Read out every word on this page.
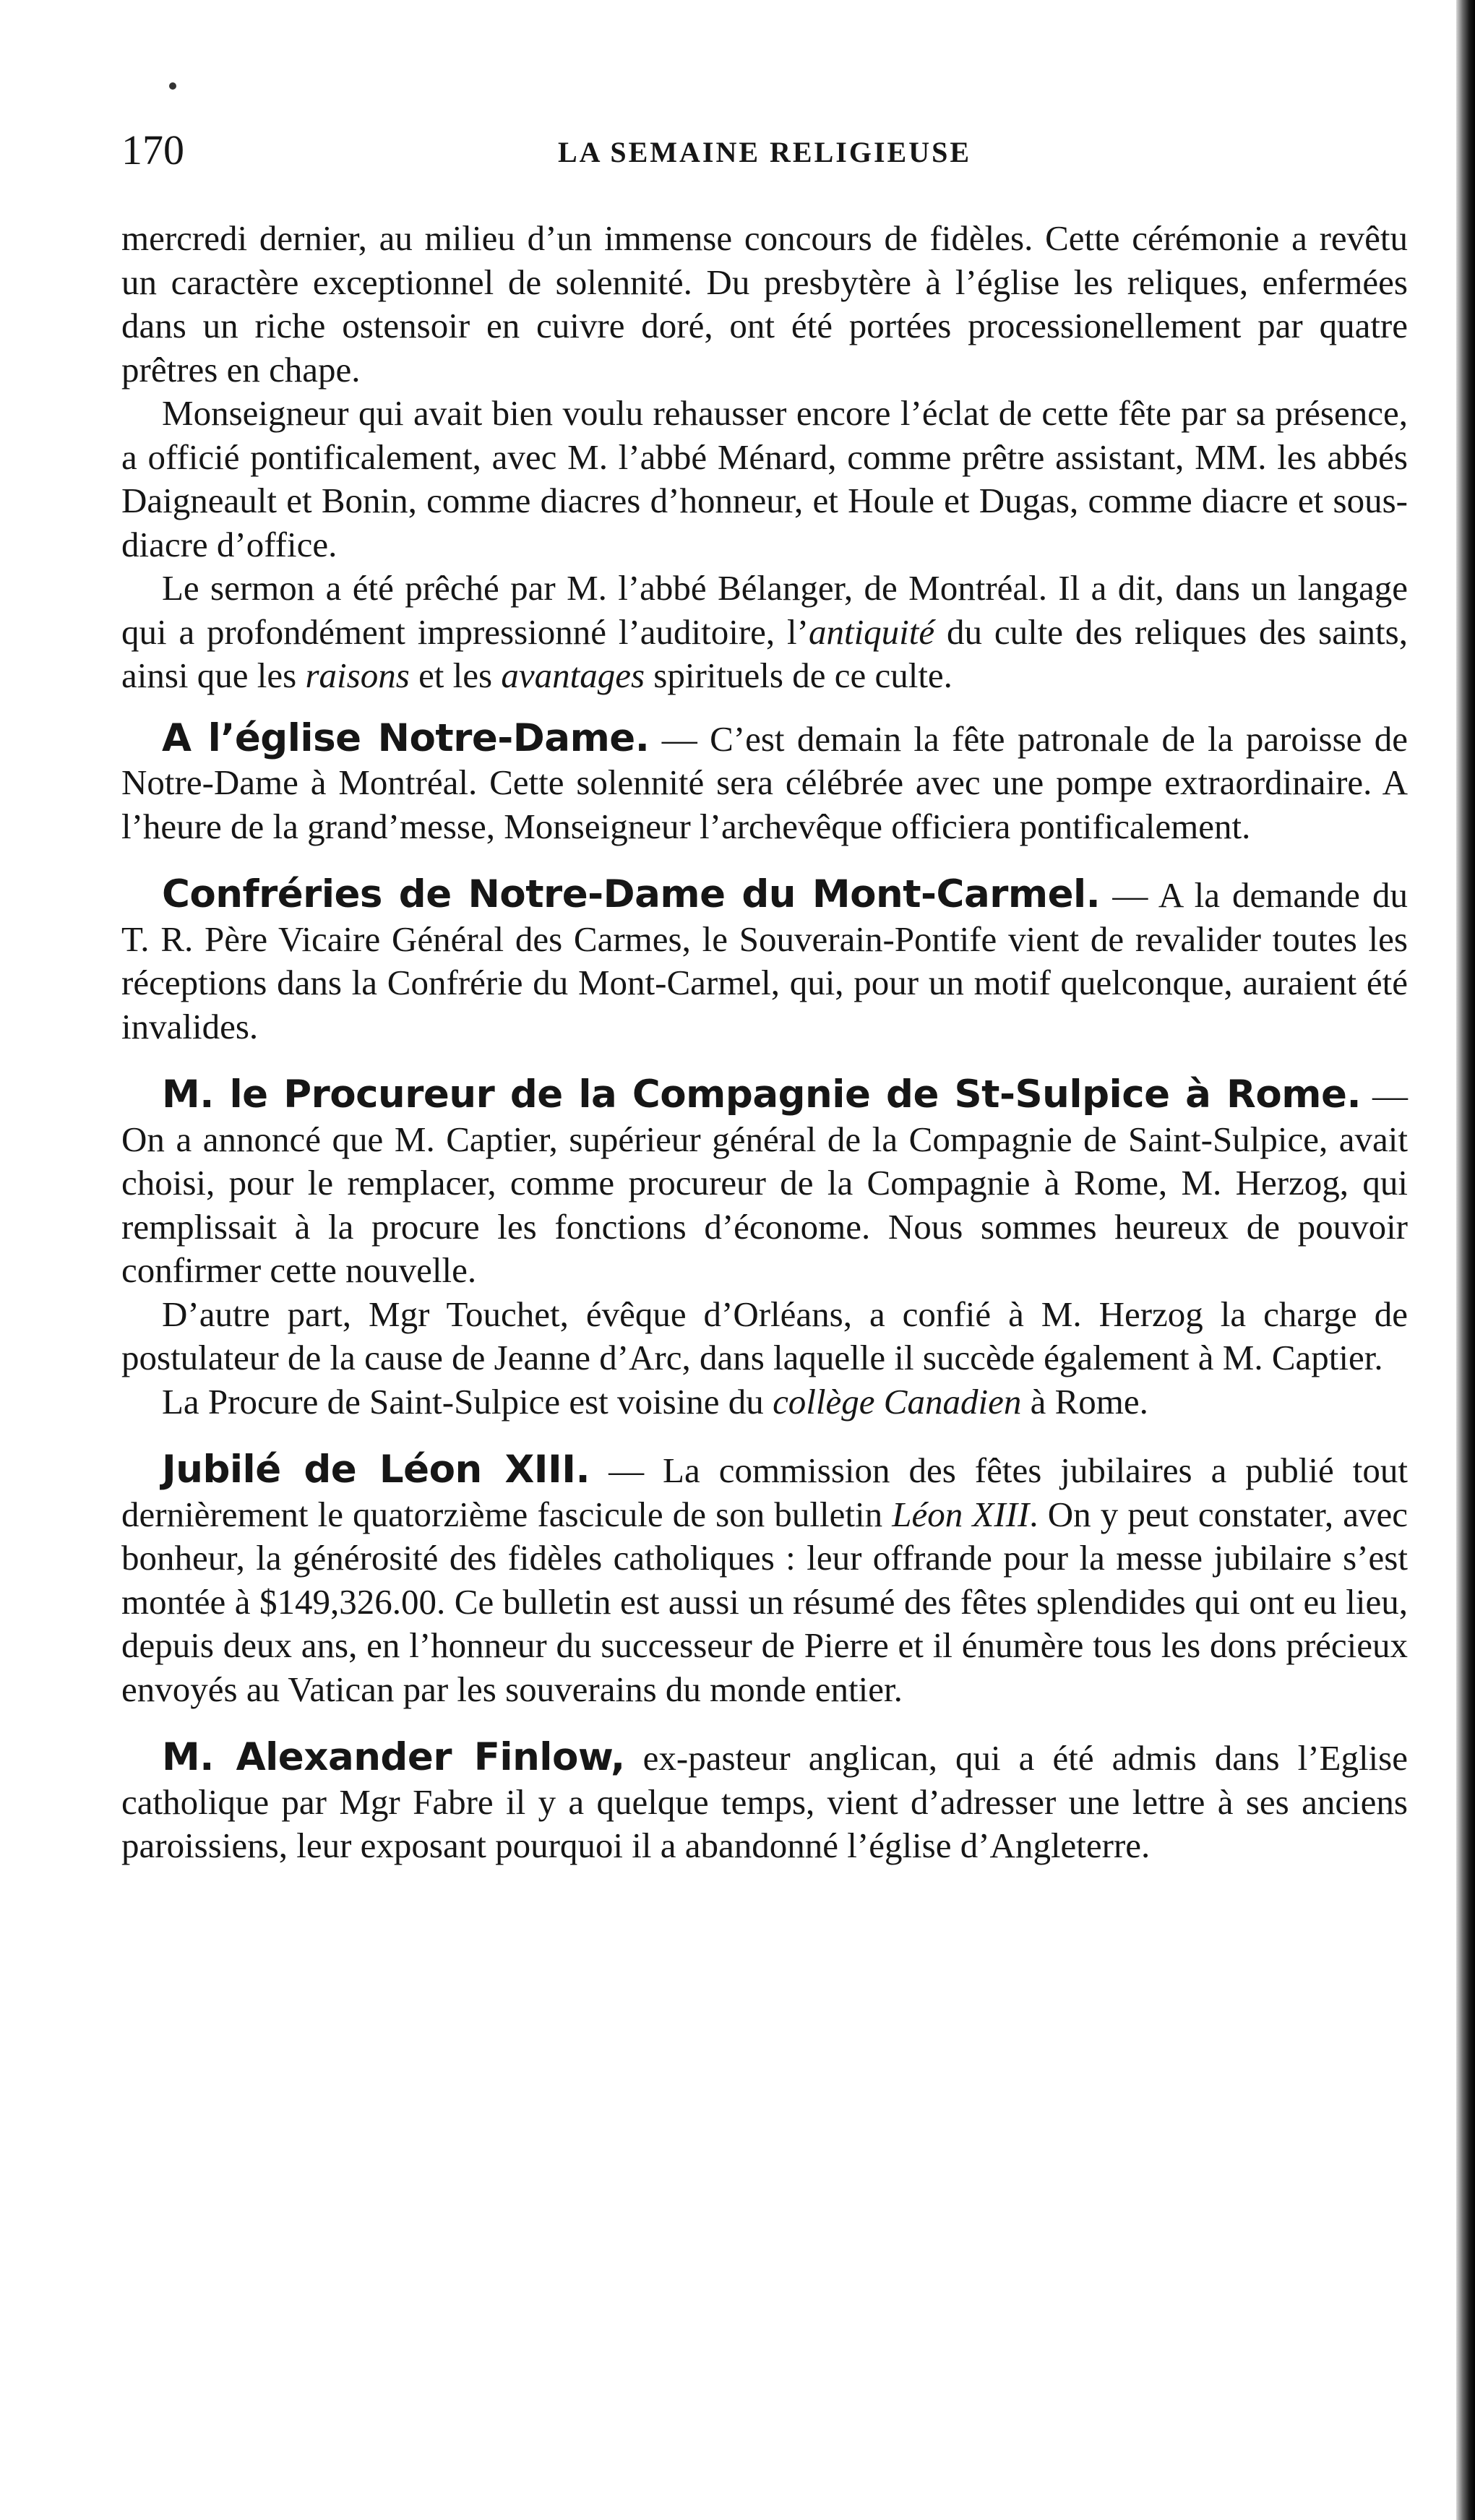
170	LA SEMAINE RELIGIEUSE

mercredi dernier, au milieu d’un immense concours de fidèles. Cette cérémonie a revêtu un caractère exceptionnel de solennité. Du presbytère à l’église les reliques, enfermées dans un riche ostensoir en cuivre doré, ont été portées processionellement par quatre prêtres en chape.

Monseigneur qui avait bien voulu rehausser encore l’éclat de cette fête par sa présence, a officié pontificalement, avec M. l’abbé Ménard, comme prêtre assistant, MM. les abbés Daigneault et Bonin, comme diacres d’honneur, et Houle et Dugas, comme diacre et sous-diacre d’office.

Le sermon a été prêché par M. l’abbé Bélanger, de Montréal. Il a dit, dans un langage qui a profondément impressionné l’auditoire, l’antiquité du culte des reliques des saints, ainsi que les raisons et les avantages spirituels de ce culte.

A l’église Notre-Dame. — C’est demain la fête patronale de la paroisse de Notre-Dame à Montréal. Cette solennité sera célébrée avec une pompe extraordinaire. A l’heure de la grand’messe, Monseigneur l’archevêque officiera pontificalement.

Confréries de Notre-Dame du Mont-Carmel. — A la demande du T. R. Père Vicaire Général des Carmes, le Souverain-Pontife vient de revalider toutes les réceptions dans la Confrérie du Mont-Carmel, qui, pour un motif quelconque, auraient été invalides.

M. le Procureur de la Compagnie de St-Sulpice à Rome. —On a annoncé que M. Captier, supérieur général de la Compagnie de Saint-Sulpice, avait choisi, pour le remplacer, comme procureur de la Compagnie à Rome, M. Herzog, qui remplissait à la procure les fonctions d’économe. Nous sommes heureux de pouvoir confirmer cette nouvelle.

D’autre part, Mgr Touchet, évêque d’Orléans, a confié à M. Herzog la charge de postulateur de la cause de Jeanne d’Arc, dans laquelle il succède également à M. Captier.

La Procure de Saint-Sulpice est voisine du collège Canadien à Rome.

Jubilé de Léon XIII. — La commission des fêtes jubilaires a publié tout dernièrement le quatorzième fascicule de son bulletin Léon XIII. On y peut constater, avec bonheur, la générosité des fidèles catholiques : leur offrande pour la messe jubilaire s’est montée à $149,326.00. Ce bulletin est aussi un résumé des fêtes splendides qui ont eu lieu, depuis deux ans, en l’honneur du successeur de Pierre et il énumère tous les dons précieux envoyés au Vatican par les souverains du monde entier.

M. Alexander Finlow, ex-pasteur anglican, qui a été admis dans l’Eglise catholique par Mgr Fabre il y a quelque temps, vient d’adresser une lettre à ses anciens paroissiens, leur exposant pourquoi il a abandonné l’église d’Angleterre.
